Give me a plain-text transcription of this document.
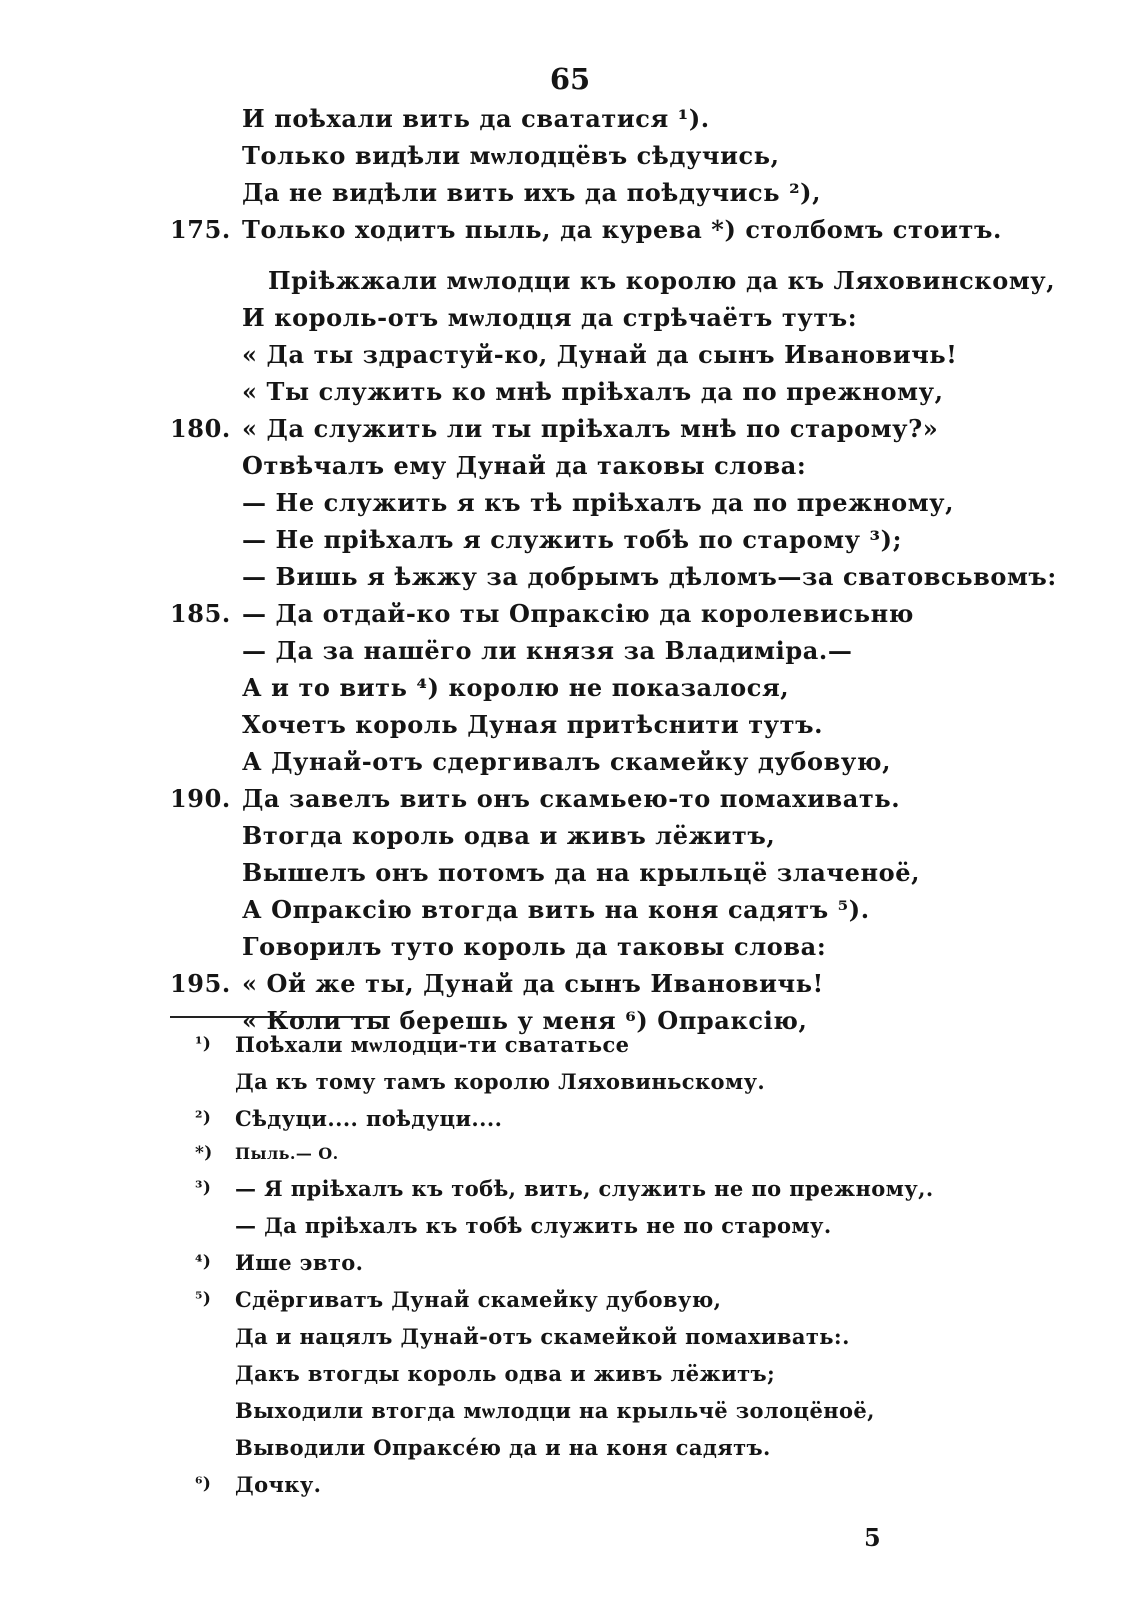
65
И поѣхали вить да свататися ¹).
Только видѣли мѡлодцёвъ сѣдучись,
Да не видѣли вить ихъ да поѣдучись ²),
175. Только ходитъ пыль, да курева *) столбомъ стоитъ.
Пріѣжжали мѡлодци къ королю да къ Ляховинскому,
И король-отъ мѡлодця да стрѣчаётъ тутъ:
« Да ты здрастуй-ко, Дунай да сынъ Ивановичь!
« Ты служить ко мнѣ пріѣхалъ да по прежному,
180. « Да служить ли ты пріѣхалъ мнѣ по старому?»
Отвѣчалъ ему Дунай да таковы слова:
— Не служить я къ тѣ пріѣхалъ да по прежному,
— Не пріѣхалъ я служить тобѣ по старому ³);
— Вишь я ѣжжу за добрымъ дѣломъ—за сватовсьвомъ:
185. — Да отдай-ко ты Опраксію да королевисьню
— Да за нашёго ли князя за Владиміра.—
А и то вить ⁴) королю не показалося,
Хочетъ король Дуная притѣснити тутъ.
А Дунай-отъ сдергивалъ скамейку дубовую,
190. Да завелъ вить онъ скамьею-то помахивать.
Втогда король одва и живъ лёжитъ,
Вышелъ онъ потомъ да на крыльцё злаченоё,
А Опраксію втогда вить на коня садятъ ⁵).
Говорилъ туто король да таковы слова:
195. « Ой же ты, Дунай да сынъ Ивановичь!
« Коли ты берешь у меня ⁶) Опраксію,
¹)	Поѣхали мѡлодци-ти свататьсе
Да къ тому тамъ королю Ляховиньскому.
²)	Сѣдуци.... поѣдуци....
*)	Пыль.— О.
³)	— Я пріѣхалъ къ тобѣ, вить, служить не по прежному,.
— Да пріѣхалъ къ тобѣ служить не по старому.
⁴)	Ише эвто.
⁵)	Сдёргиватъ Дунай скамейку дубовую,
Да и нацялъ Дунай-отъ скамейкой помахивать:.
Дакъ втогды король одва и живъ лёжитъ;
Выходили втогда мѡлодци на крыльчё золоцёноё,
Выводили Опраксéю да и на коня садятъ.
⁶)	Дочку.
5
